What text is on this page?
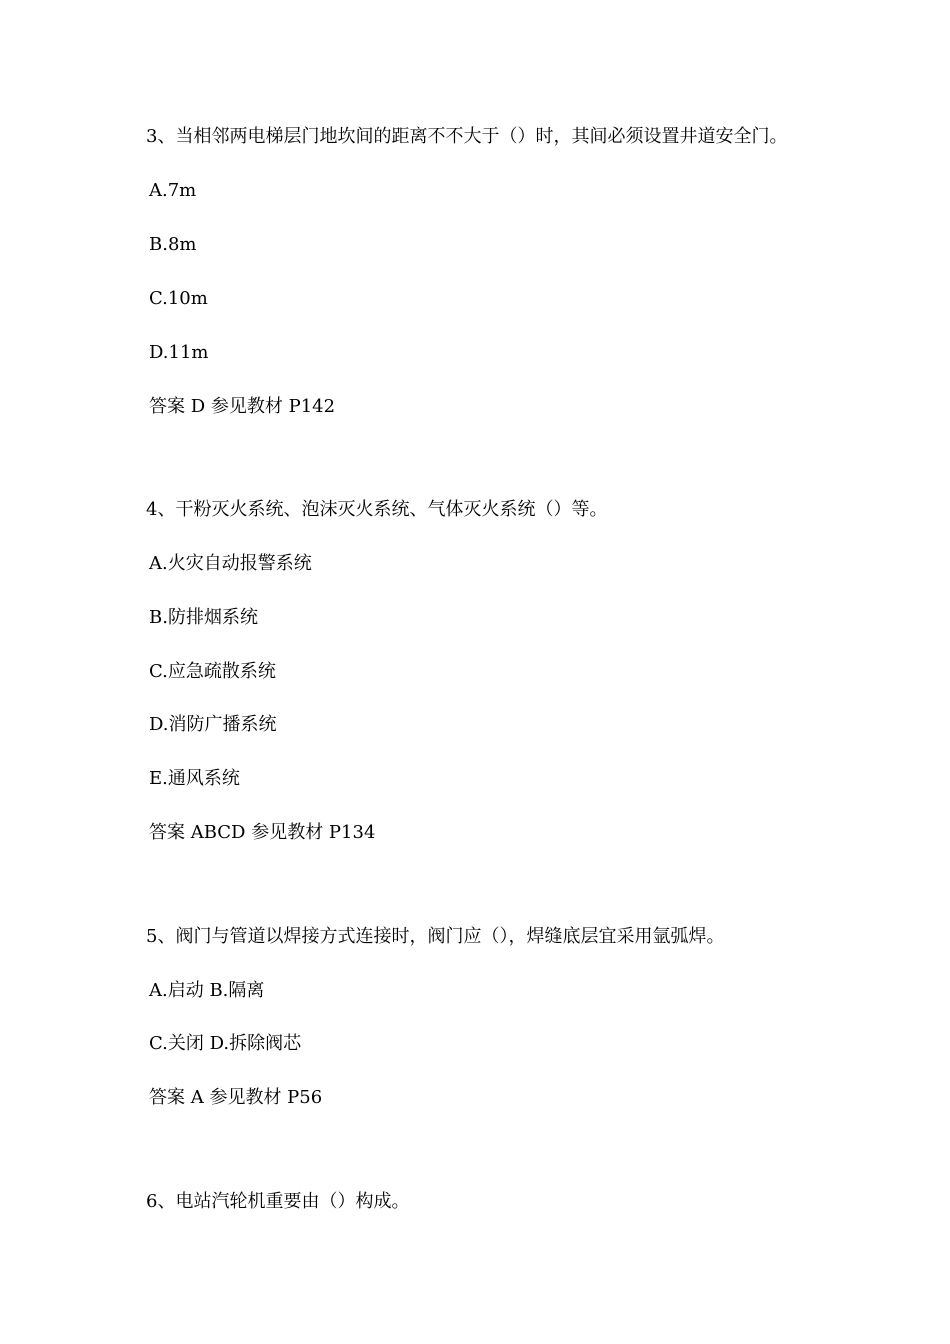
3、当相邻两电梯层门地坎间的距离不不大于（）时，其间必须设置井道安全门。
A.7m
B.8m
C.10m
D.11m
答案 D 参见教材 P142
4、干粉灭火系统、泡沫灭火系统、气体灭火系统（）等。
A.火灾自动报警系统
B.防排烟系统
C.应急疏散系统
D.消防广播系统
E.通风系统
答案 ABCD 参见教材 P134
5、阀门与管道以焊接方式连接时，阀门应（），焊缝底层宜采用氩弧焊。
A.启动 B.隔离
C.关闭 D.拆除阀芯
答案 A 参见教材 P56
6、电站汽轮机重要由（）构成。
